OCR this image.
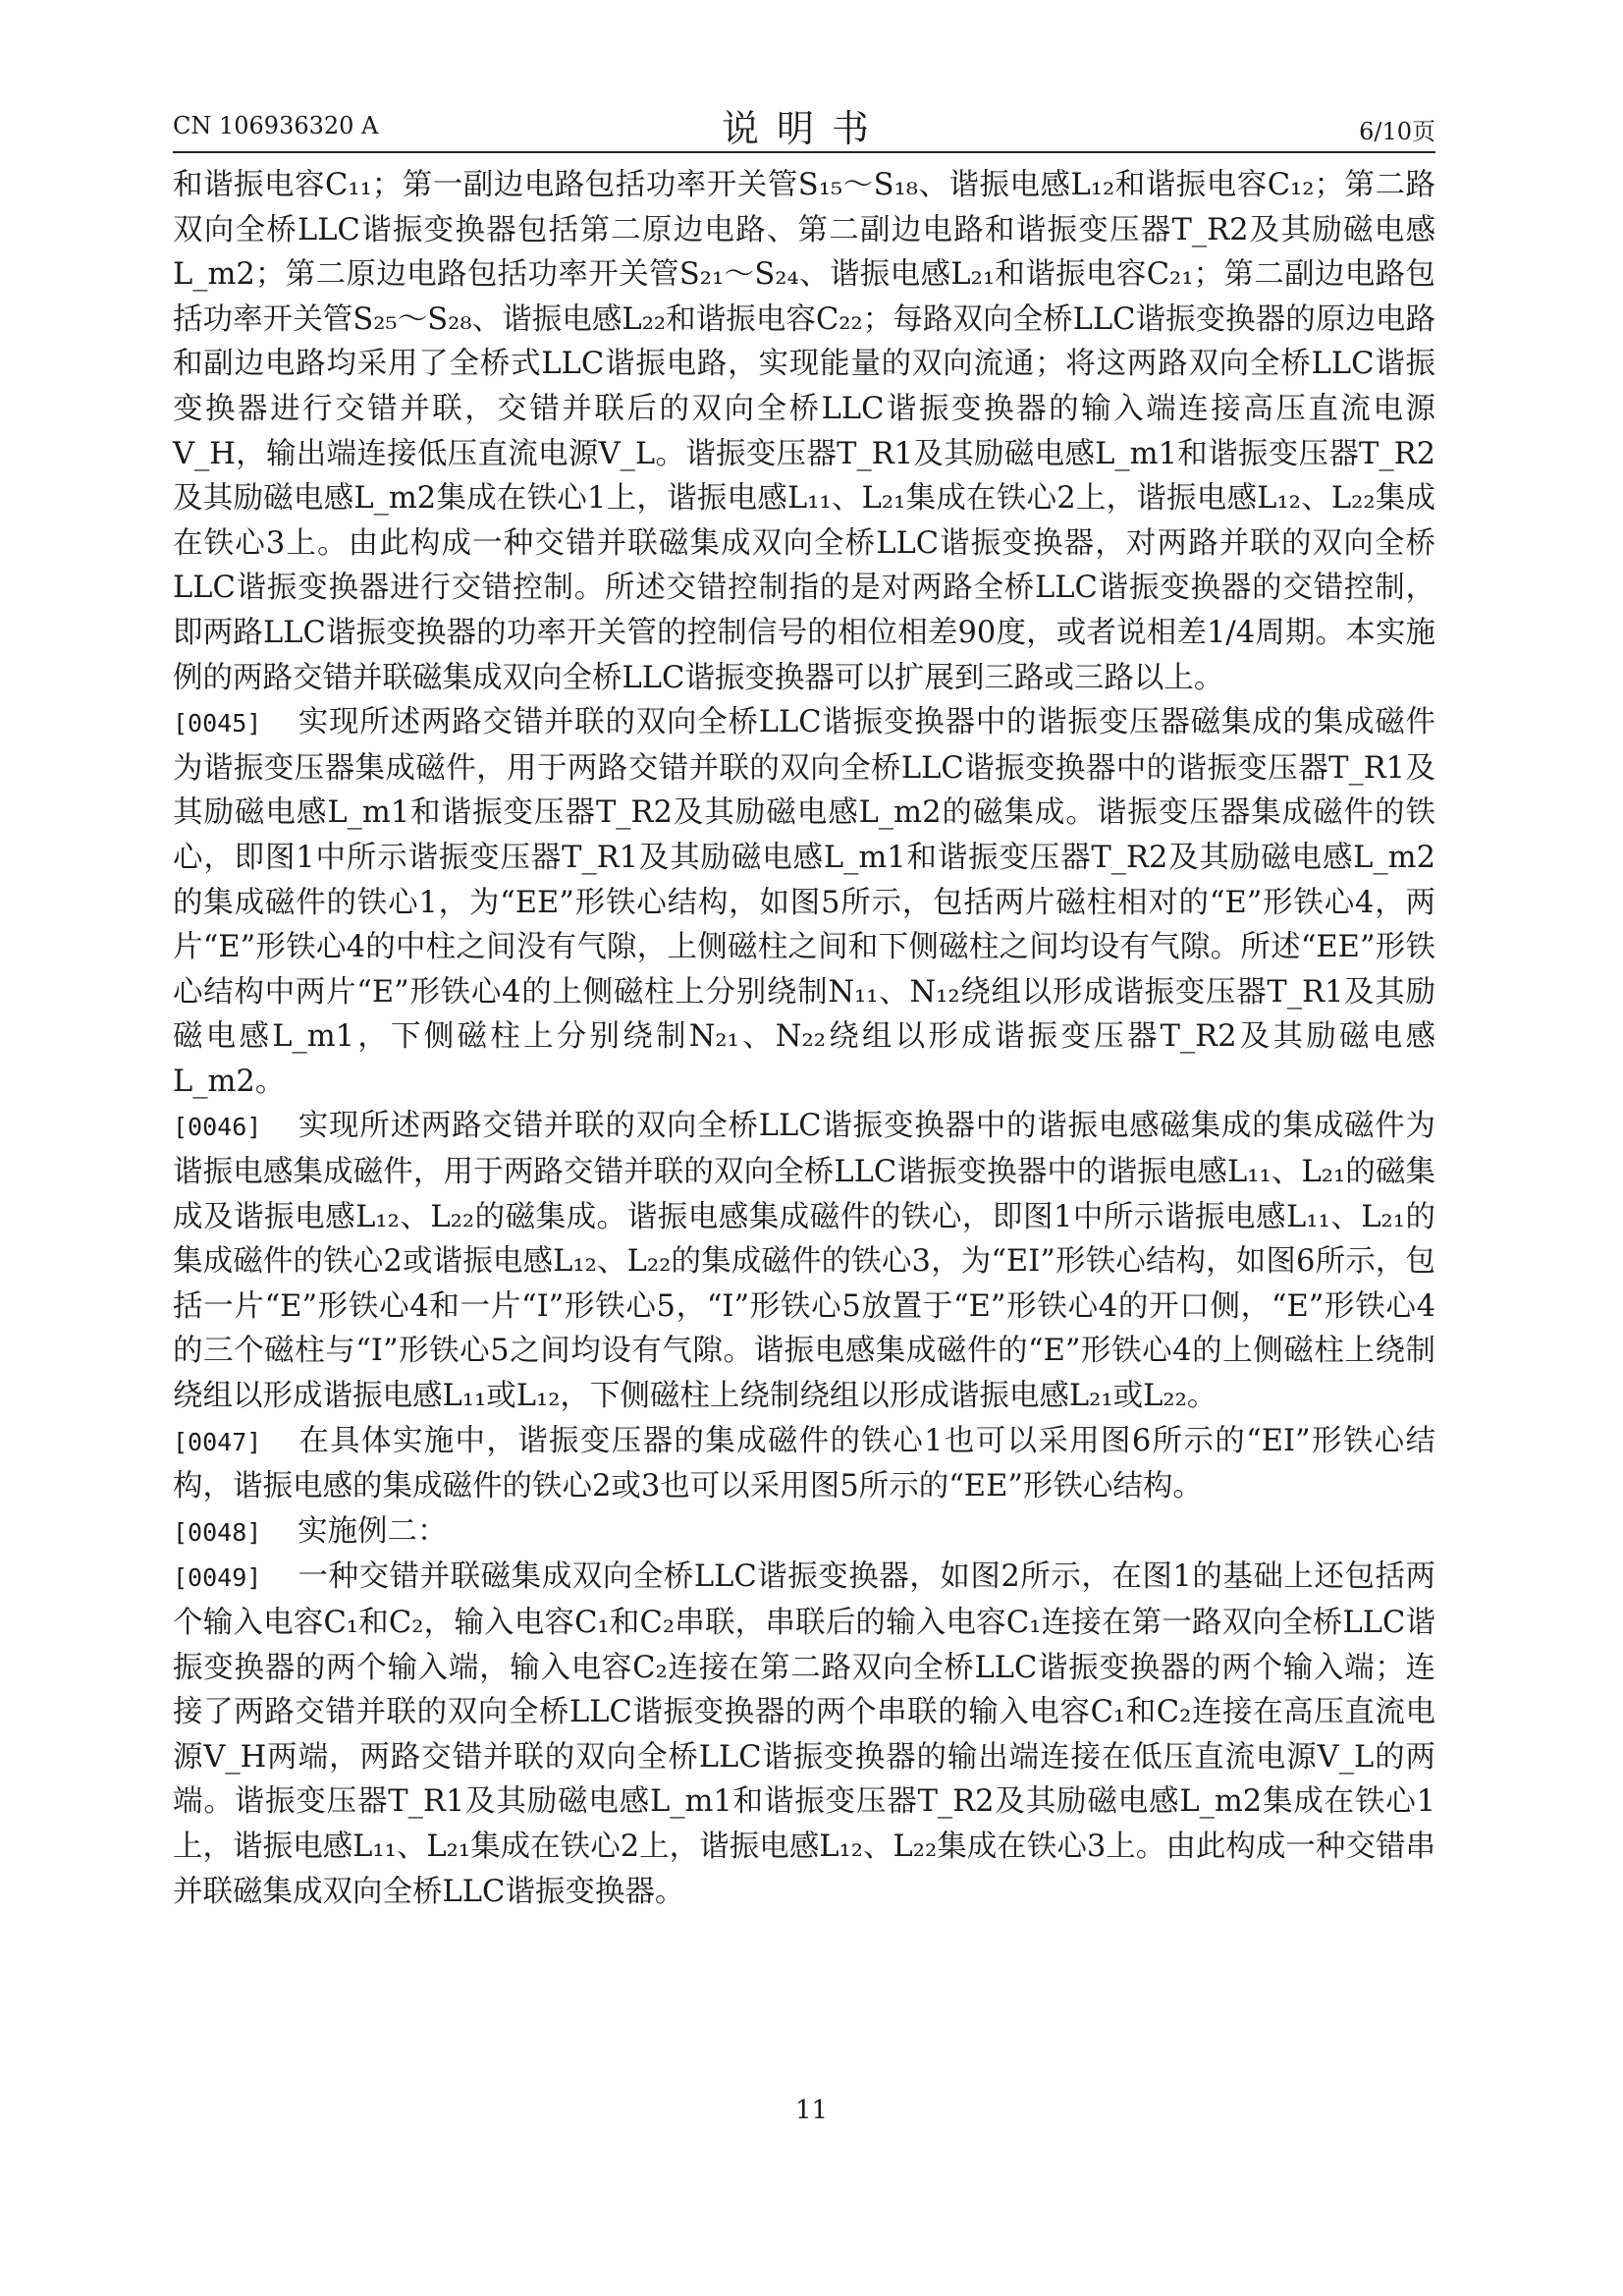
CN 106936320 A	说明书	6/10页

和谐振电容C₁₁；第一副边电路包括功率开关管S₁₅～S₁₈、谐振电感L₁₂和谐振电容C₁₂；第二路双向全桥LLC谐振变换器包括第二原边电路、第二副边电路和谐振变压器T_R2及其励磁电感L_m2；第二原边电路包括功率开关管S₂₁～S₂₄、谐振电感L₂₁和谐振电容C₂₁；第二副边电路包括功率开关管S₂₅～S₂₈、谐振电感L₂₂和谐振电容C₂₂；每路双向全桥LLC谐振变换器的原边电路和副边电路均采用了全桥式LLC谐振电路，实现能量的双向流通；将这两路双向全桥LLC谐振变换器进行交错并联，交错并联后的双向全桥LLC谐振变换器的输入端连接高压直流电源V_H，输出端连接低压直流电源V_L。谐振变压器T_R1及其励磁电感L_m1和谐振变压器T_R2及其励磁电感L_m2集成在铁心1上，谐振电感L₁₁、L₂₁集成在铁心2上，谐振电感L₁₂、L₂₂集成在铁心3上。由此构成一种交错并联磁集成双向全桥LLC谐振变换器，对两路并联的双向全桥LLC谐振变换器进行交错控制。所述交错控制指的是对两路全桥LLC谐振变换器的交错控制，即两路LLC谐振变换器的功率开关管的控制信号的相位相差90度，或者说相差1/4周期。本实施例的两路交错并联磁集成双向全桥LLC谐振变换器可以扩展到三路或三路以上。

[0045] 实现所述两路交错并联的双向全桥LLC谐振变换器中的谐振变压器磁集成的集成磁件为谐振变压器集成磁件，用于两路交错并联的双向全桥LLC谐振变换器中的谐振变压器T_R1及其励磁电感L_m1和谐振变压器T_R2及其励磁电感L_m2的磁集成。谐振变压器集成磁件的铁心，即图1中所示谐振变压器T_R1及其励磁电感L_m1和谐振变压器T_R2及其励磁电感L_m2的集成磁件的铁心1，为“EE”形铁心结构，如图5所示，包括两片磁柱相对的“E”形铁心4，两片“E”形铁心4的中柱之间没有气隙，上侧磁柱之间和下侧磁柱之间均设有气隙。所述“EE”形铁心结构中两片“E”形铁心4的上侧磁柱上分别绕制N₁₁、N₁₂绕组以形成谐振变压器T_R1及其励磁电感L_m1，下侧磁柱上分别绕制N₂₁、N₂₂绕组以形成谐振变压器T_R2及其励磁电感L_m2。

[0046] 实现所述两路交错并联的双向全桥LLC谐振变换器中的谐振电感磁集成的集成磁件为谐振电感集成磁件，用于两路交错并联的双向全桥LLC谐振变换器中的谐振电感L₁₁、L₂₁的磁集成及谐振电感L₁₂、L₂₂的磁集成。谐振电感集成磁件的铁心，即图1中所示谐振电感L₁₁、L₂₁的集成磁件的铁心2或谐振电感L₁₂、L₂₂的集成磁件的铁心3，为“EI”形铁心结构，如图6所示，包括一片“E”形铁心4和一片“I”形铁心5，“I”形铁心5放置于“E”形铁心4的开口侧，“E”形铁心4的三个磁柱与“I”形铁心5之间均设有气隙。谐振电感集成磁件的“E”形铁心4的上侧磁柱上绕制绕组以形成谐振电感L₁₁或L₁₂，下侧磁柱上绕制绕组以形成谐振电感L₂₁或L₂₂。

[0047] 在具体实施中，谐振变压器的集成磁件的铁心1也可以采用图6所示的“EI”形铁心结构，谐振电感的集成磁件的铁心2或3也可以采用图5所示的“EE”形铁心结构。

[0048] 实施例二：

[0049] 一种交错并联磁集成双向全桥LLC谐振变换器，如图2所示，在图1的基础上还包括两个输入电容C₁和C₂，输入电容C₁和C₂串联，串联后的输入电容C₁连接在第一路双向全桥LLC谐振变换器的两个输入端，输入电容C₂连接在第二路双向全桥LLC谐振变换器的两个输入端；连接了两路交错并联的双向全桥LLC谐振变换器的两个串联的输入电容C₁和C₂连接在高压直流电源V_H两端，两路交错并联的双向全桥LLC谐振变换器的输出端连接在低压直流电源V_L的两端。谐振变压器T_R1及其励磁电感L_m1和谐振变压器T_R2及其励磁电感L_m2集成在铁心1上，谐振电感L₁₁、L₂₁集成在铁心2上，谐振电感L₁₂、L₂₂集成在铁心3上。由此构成一种交错串并联磁集成双向全桥LLC谐振变换器。

11
